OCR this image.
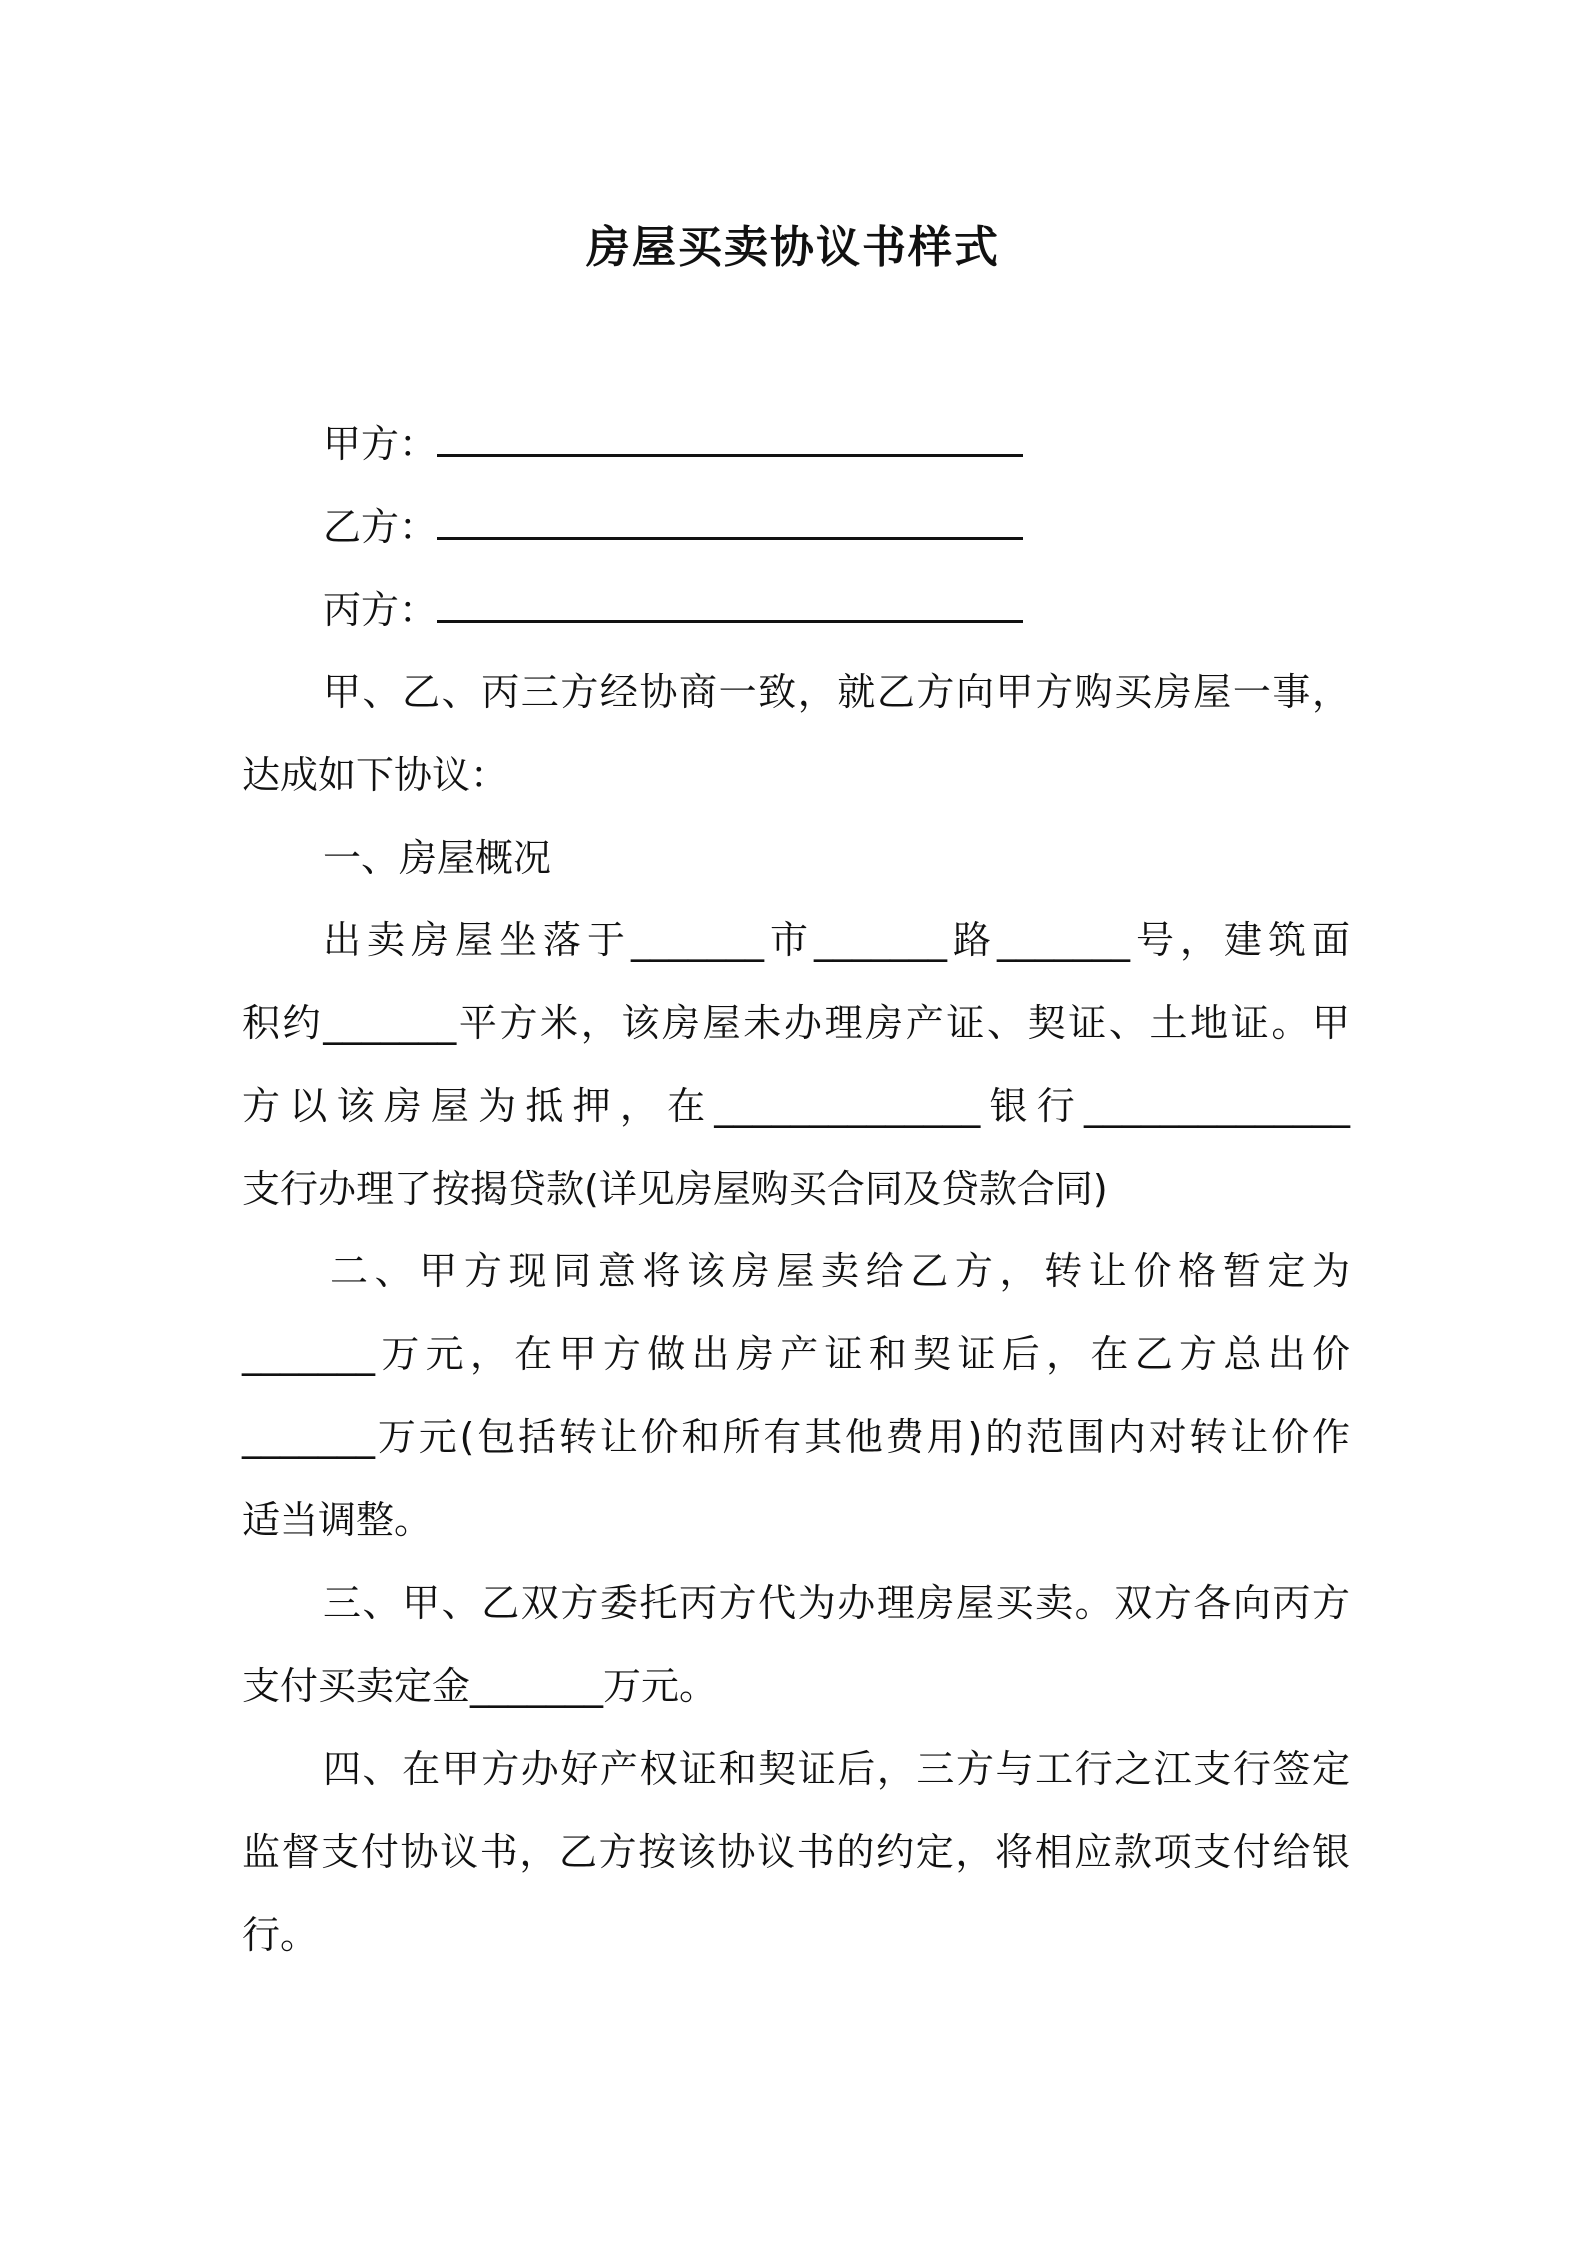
房屋买卖协议书样式

甲方：

乙方：

丙方：

甲、乙、丙三方经协商一致，就乙方向甲方购买房屋一事，

达成如下协议：

一、房屋概况

出卖房屋坐落于_______市_______路_______号，建筑面

积约_______平方米，该房屋未办理房产证、契证、土地证。甲

方以该房屋为抵押，在______________银行______________

支行办理了按揭贷款(详见房屋购买合同及贷款合同)

二、甲方现同意将该房屋卖给乙方，转让价格暂定为

_______万元，在甲方做出房产证和契证后，在乙方总出价

_______万元(包括转让价和所有其他费用)的范围内对转让价作

适当调整。

三、甲、乙双方委托丙方代为办理房屋买卖。双方各向丙方

支付买卖定金_______万元。

四、在甲方办好产权证和契证后，三方与工行之江支行签定

监督支付协议书，乙方按该协议书的约定，将相应款项支付给银

行。
